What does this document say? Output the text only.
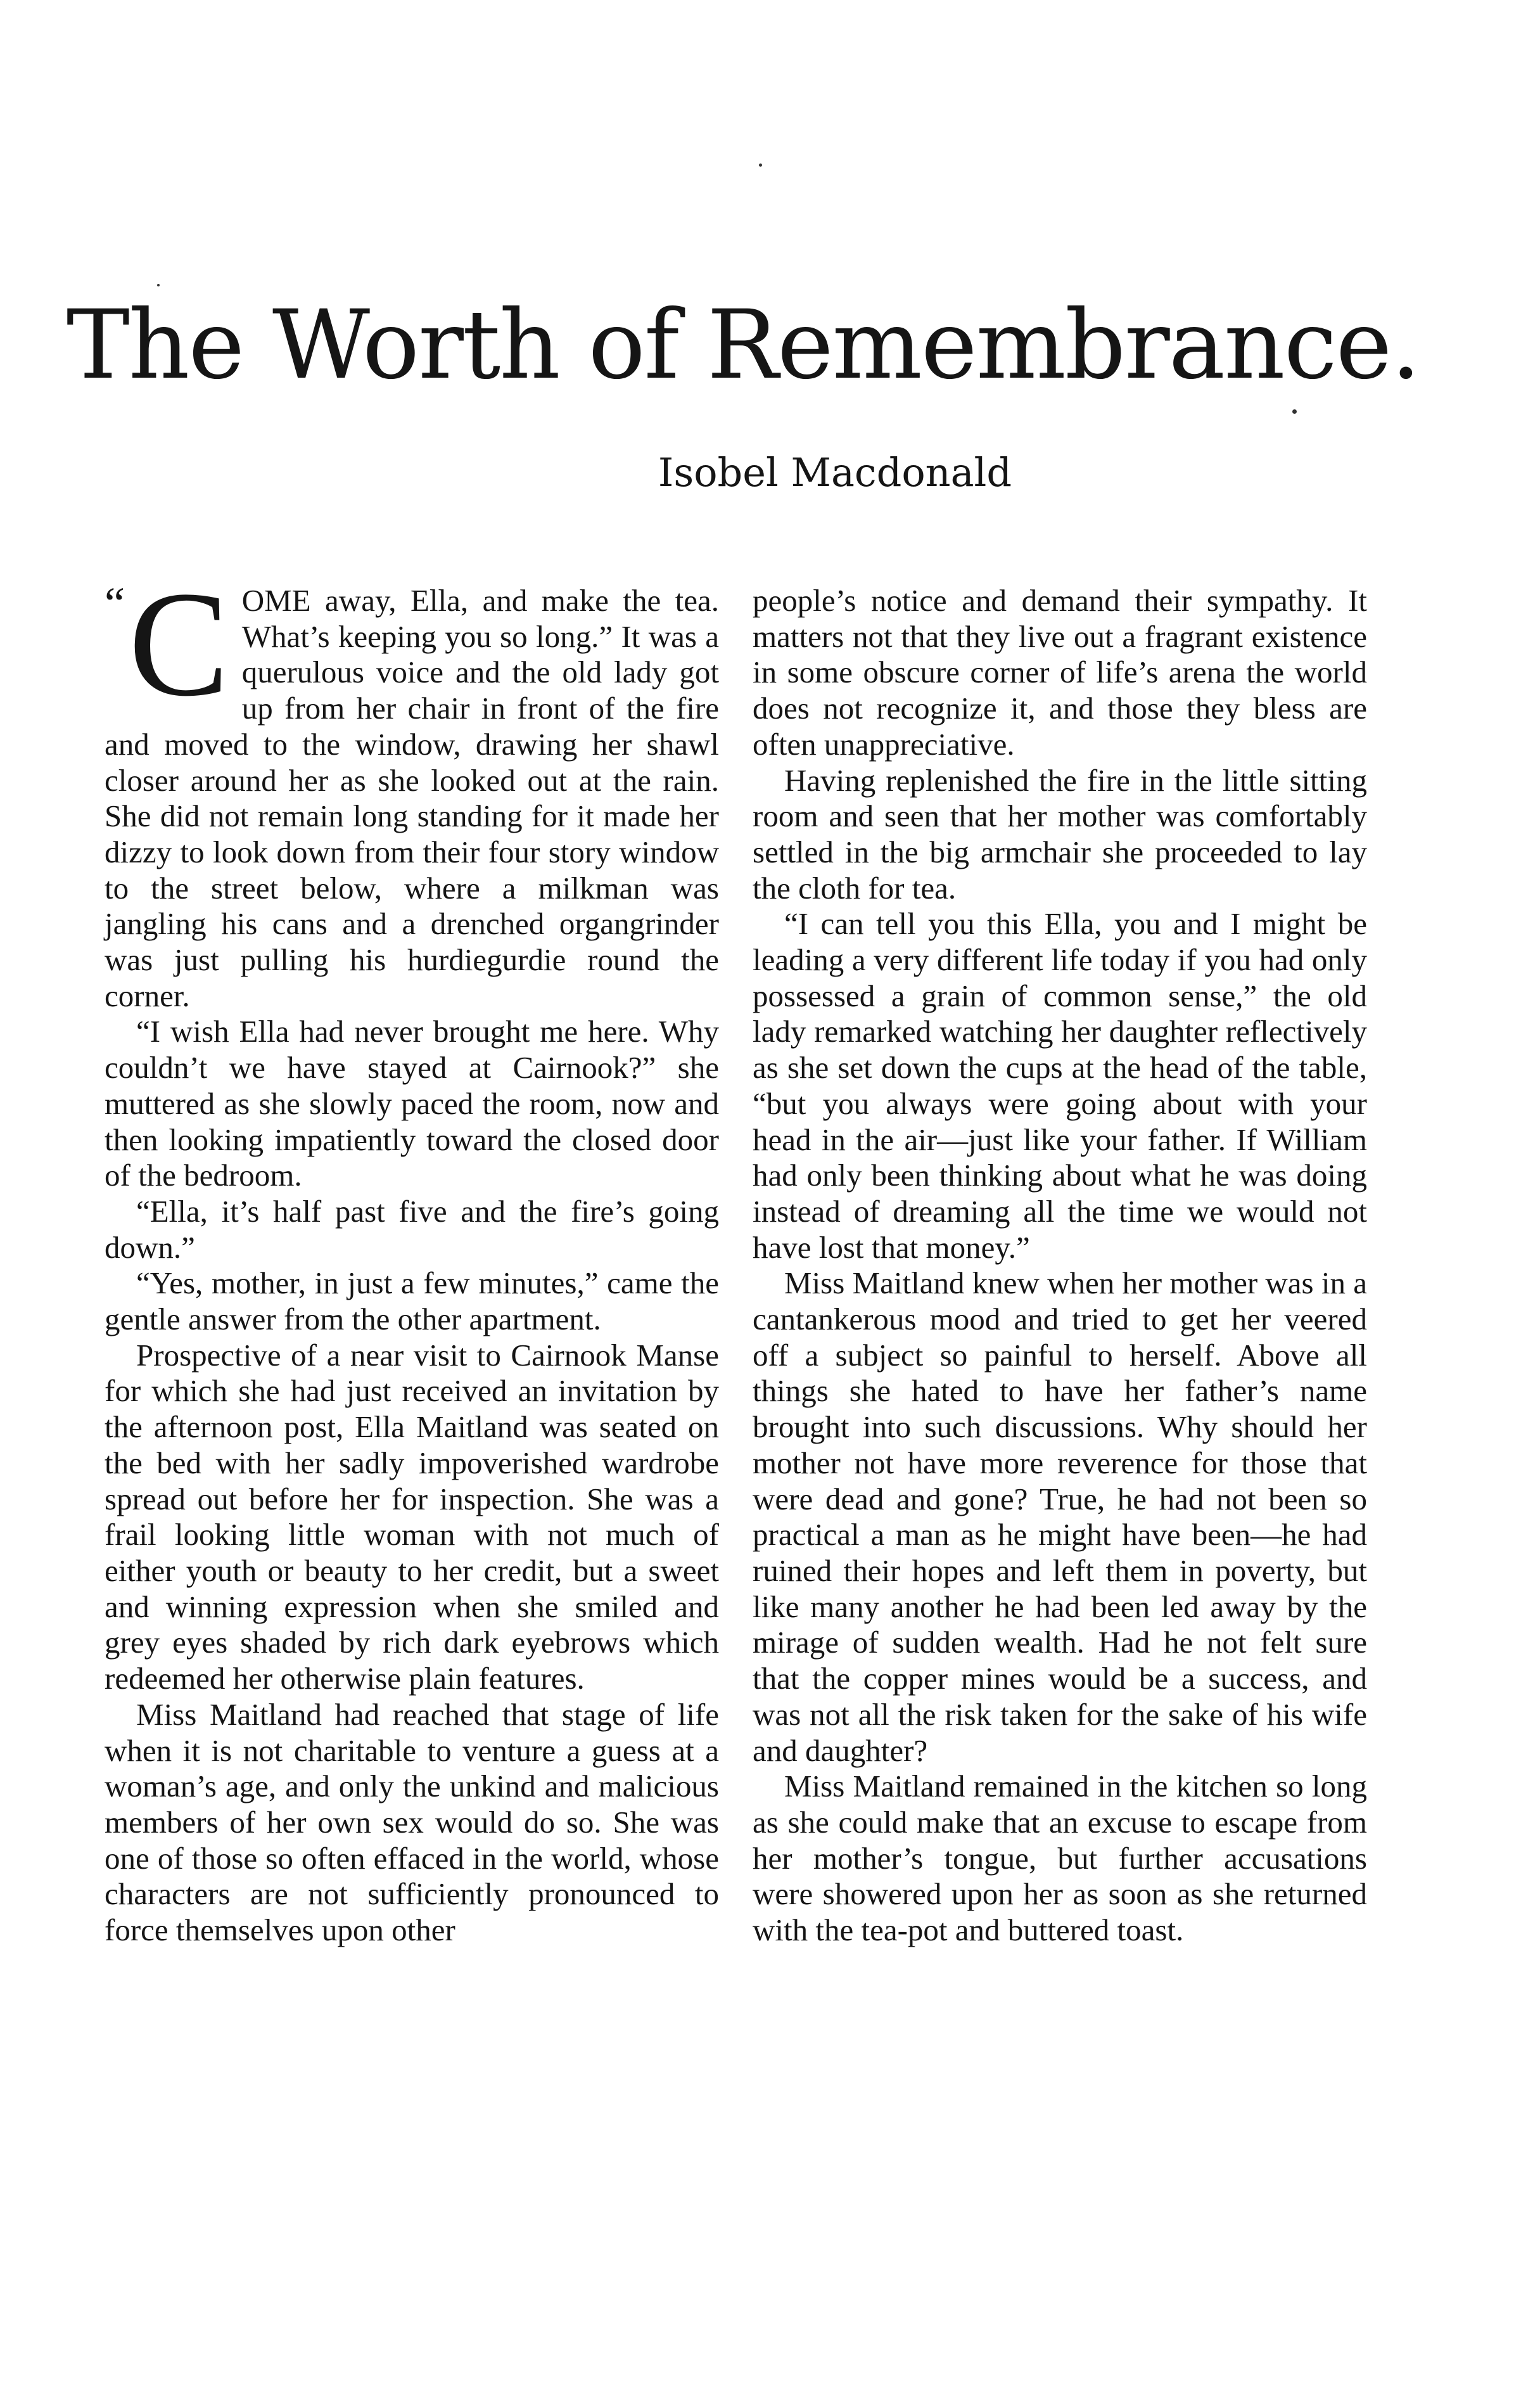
The Worth of Remembrance.
Isobel Macdonald

“ C OME away, Ella, and make the tea. What’s keeping you so long.” It was a querulous voice and the old lady got up from her chair in front of the fire and moved to the window, drawing her shawl closer around her as she looked out at the rain. She did not remain long standing for it made her dizzy to look down from their four story window to the street below, where a milkman was jangling his cans and a drenched organgrinder was just pulling his hurdiegurdie round the corner.

“I wish Ella had never brought me here. Why couldn’t we have stayed at Cairnook?” she muttered as she slowly paced the room, now and then looking impatiently toward the closed door of the bedroom.

“Ella, it’s half past five and the fire’s going down.”

“Yes, mother, in just a few minutes,” came the gentle answer from the other apartment.

Prospective of a near visit to Cairnook Manse for which she had just received an invitation by the afternoon post, Ella Maitland was seated on the bed with her sadly impoverished wardrobe spread out before her for inspection. She was a frail looking little woman with not much of either youth or beauty to her credit, but a sweet and winning expression when she smiled and grey eyes shaded by rich dark eyebrows which redeemed her otherwise plain features.

Miss Maitland had reached that stage of life when it is not charitable to venture a guess at a woman’s age, and only the unkind and malicious members of her own sex would do so. She was one of those so often effaced in the world, whose characters are not sufficiently pronounced to force themselves upon other

people’s notice and demand their sympathy. It matters not that they live out a fragrant existence in some obscure corner of life’s arena the world does not recognize it, and those they bless are often unappreciative.

Having replenished the fire in the little sitting room and seen that her mother was comfortably settled in the big armchair she proceeded to lay the cloth for tea.

“I can tell you this Ella, you and I might be leading a very different life today if you had only possessed a grain of common sense,” the old lady remarked watching her daughter reflectively as she set down the cups at the head of the table, “but you always were going about with your head in the air—just like your father. If William had only been thinking about what he was doing instead of dreaming all the time we would not have lost that money.”

Miss Maitland knew when her mother was in a cantankerous mood and tried to get her veered off a subject so painful to herself. Above all things she hated to have her father’s name brought into such discussions. Why should her mother not have more reverence for those that were dead and gone? True, he had not been so practical a man as he might have been—he had ruined their hopes and left them in poverty, but like many another he had been led away by the mirage of sudden wealth. Had he not felt sure that the copper mines would be a success, and was not all the risk taken for the sake of his wife and daughter?

Miss Maitland remained in the kitchen so long as she could make that an excuse to escape from her mother’s tongue, but further accusations were showered upon her as soon as she returned with the tea-pot and buttered toast.
